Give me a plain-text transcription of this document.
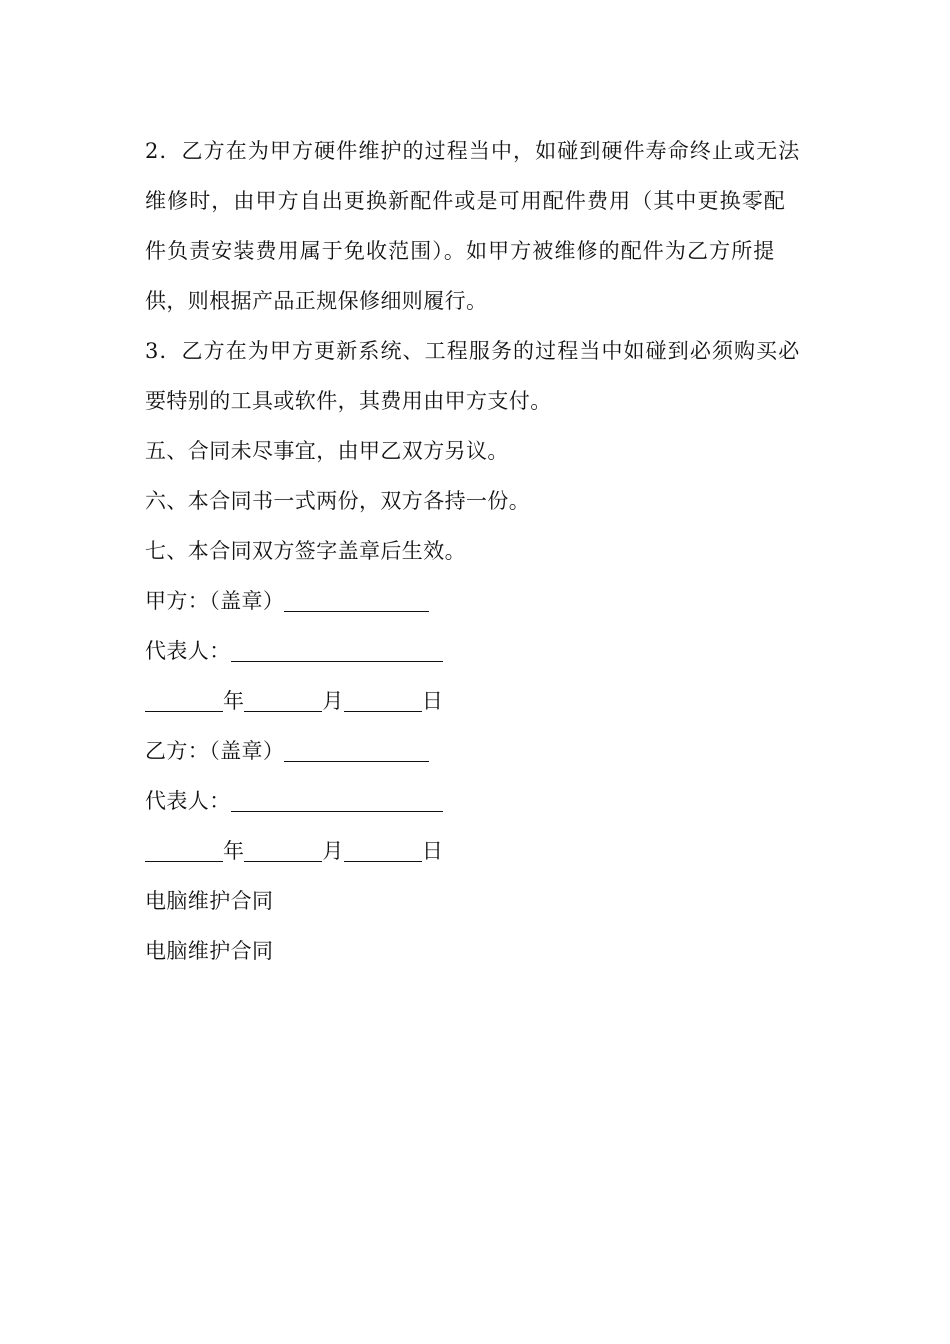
2．乙方在为甲方硬件维护的过程当中，如碰到硬件寿命终止或无法
维修时，由甲方自出更换新配件或是可用配件费用（其中更换零配
件负责安装费用属于免收范围）。如甲方被维修的配件为乙方所提
供，则根据产品正规保修细则履行。
3．乙方在为甲方更新系统、工程服务的过程当中如碰到必须购买必
要特别的工具或软件，其费用由甲方支付。
五、合同未尽事宜，由甲乙双方另议。
六、本合同书一式两份，双方各持一份。
七、本合同双方签字盖章后生效。
甲方：（盖章）
代表人：
年	月	日
乙方：（盖章）
代表人：
年	月	日
电脑维护合同
电脑维护合同
